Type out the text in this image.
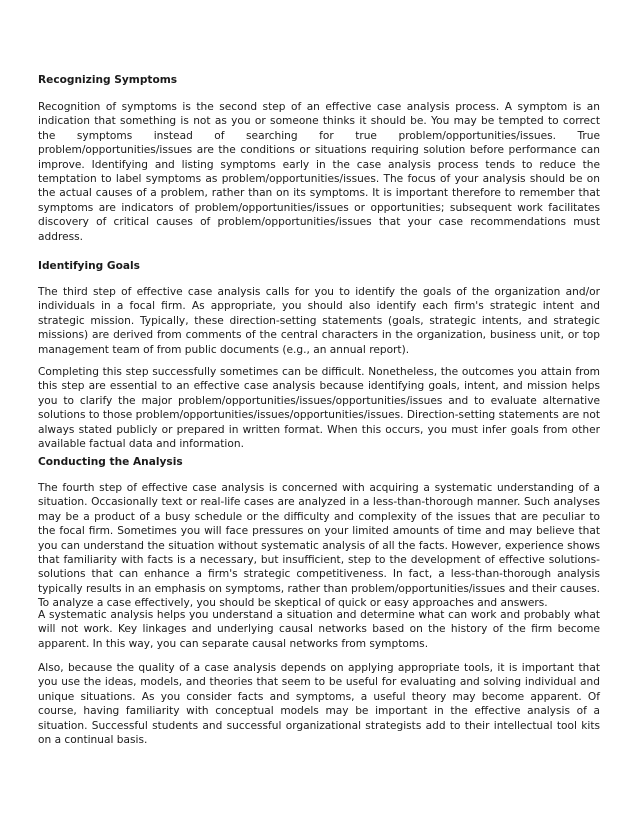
Recognizing Symptoms

Recognition of symptoms is the second step of an effective case analysis process. A symptom is an indication that something is not as you or someone thinks it should be. You may be tempted to correct the symptoms instead of searching for true problem/opportunities/issues. True problem/opportunities/issues are the conditions or situations requiring solution before performance can improve. Identifying and listing symptoms early in the case analysis process tends to reduce the temptation to label symptoms as problem/opportunities/issues. The focus of your analysis should be on the actual causes of a problem, rather than on its symptoms. It is important therefore to remember that symptoms are indicators of problem/opportunities/issues or opportunities; subsequent work facilitates discovery of critical causes of problem/opportunities/issues that your case recommendations must address.

Identifying Goals

The third step of effective case analysis calls for you to identify the goals of the organization and/or individuals in a focal firm. As appropriate, you should also identify each firm's strategic intent and strategic mission. Typically, these direction-setting statements (goals, strategic intents, and strategic missions) are derived from comments of the central characters in the organization, business unit, or top management team of from public documents (e.g., an annual report).

Completing this step successfully sometimes can be difficult. Nonetheless, the outcomes you attain from this step are essential to an effective case analysis because identifying goals, intent, and mission helps you to clarify the major problem/opportunities/issues/opportunities/issues and to evaluate alternative solutions to those problem/opportunities/issues/opportunities/issues. Direction-setting statements are not always stated publicly or prepared in written format. When this occurs, you must infer goals from other available factual data and information.

Conducting the Analysis

The fourth step of effective case analysis is concerned with acquiring a systematic understanding of a situation. Occasionally text or real-life cases are analyzed in a less-than-thorough manner. Such analyses may be a product of a busy schedule or the difficulty and complexity of the issues that are peculiar to the focal firm. Sometimes you will face pressures on your limited amounts of time and may believe that you can understand the situation without systematic analysis of all the facts. However, experience shows that familiarity with facts is a necessary, but insufficient, step to the development of effective solutions-solutions that can enhance a firm's strategic competitiveness. In fact, a less-than-thorough analysis typically results in an emphasis on symptoms, rather than problem/opportunities/issues and their causes. To analyze a case effectively, you should be skeptical of quick or easy approaches and answers.

A systematic analysis helps you understand a situation and determine what can work and probably what will not work. Key linkages and underlying causal networks based on the history of the firm become apparent. In this way, you can separate causal networks from symptoms.

Also, because the quality of a case analysis depends on applying appropriate tools, it is important that you use the ideas, models, and theories that seem to be useful for evaluating and solving individual and unique situations. As you consider facts and symptoms, a useful theory may become apparent. Of course, having familiarity with conceptual models may be important in the effective analysis of a situation. Successful students and successful organizational strategists add to their intellectual tool kits on a continual basis.
